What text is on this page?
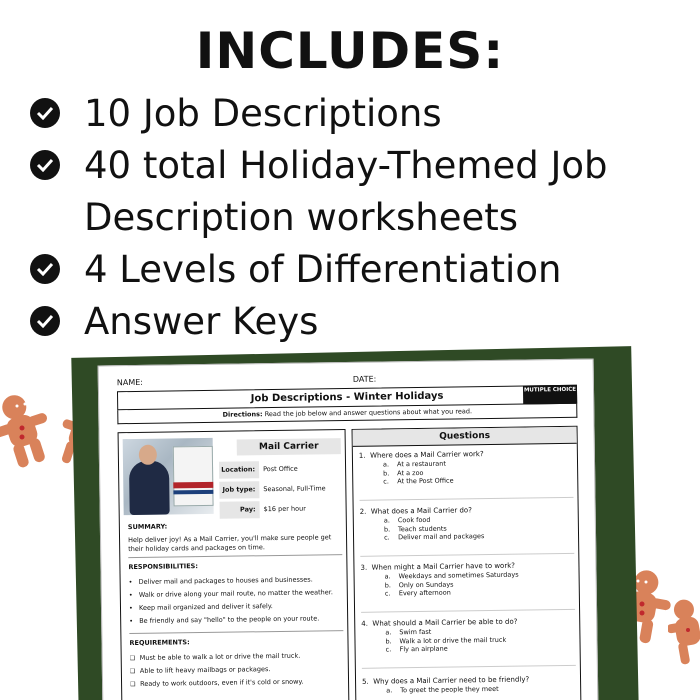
INCLUDES:
10 Job Descriptions
40 total Holiday-Themed Job Description worksheets
4 Levels of Differentiation
Answer Keys
NAME:	DATE:
Job Descriptions - Winter Holidays
MUTIPLE CHOICE
Directions: Read the job below and answer questions about what you read.
Mail Carrier
Location:	Post Office
Job type:	Seasonal, Full-Time
Pay:	$16 per hour
SUMMARY:
Help deliver joy! As a Mail Carrier, you'll make sure people get their holiday cards and packages on time.
RESPONSIBILITIES:
• Deliver mail and packages to houses and businesses.
• Walk or drive along your mail route, no matter the weather.
• Keep mail organized and deliver it safely.
• Be friendly and say "hello" to the people on your route.
REQUIREMENTS:
❑ Must be able to walk a lot or drive the mail truck.
❑ Able to lift heavy mailbags or packages.
❑ Ready to work outdoors, even if it's cold or snowy.
Questions
1. Where does a Mail Carrier work?
a. At a restaurant
b. At a zoo
c. At the Post Office
2. What does a Mail Carrier do?
a. Cook food
b. Teach students
c. Deliver mail and packages
3. When might a Mail Carrier have to work?
a. Weekdays and sometimes Saturdays
b. Only on Sundays
c. Every afternoon
4. What should a Mail Carrier be able to do?
a. Swim fast
b. Walk a lot or drive the mail truck
c. Fly an airplane
5. Why does a Mail Carrier need to be friendly?
a. To greet the people they meet
